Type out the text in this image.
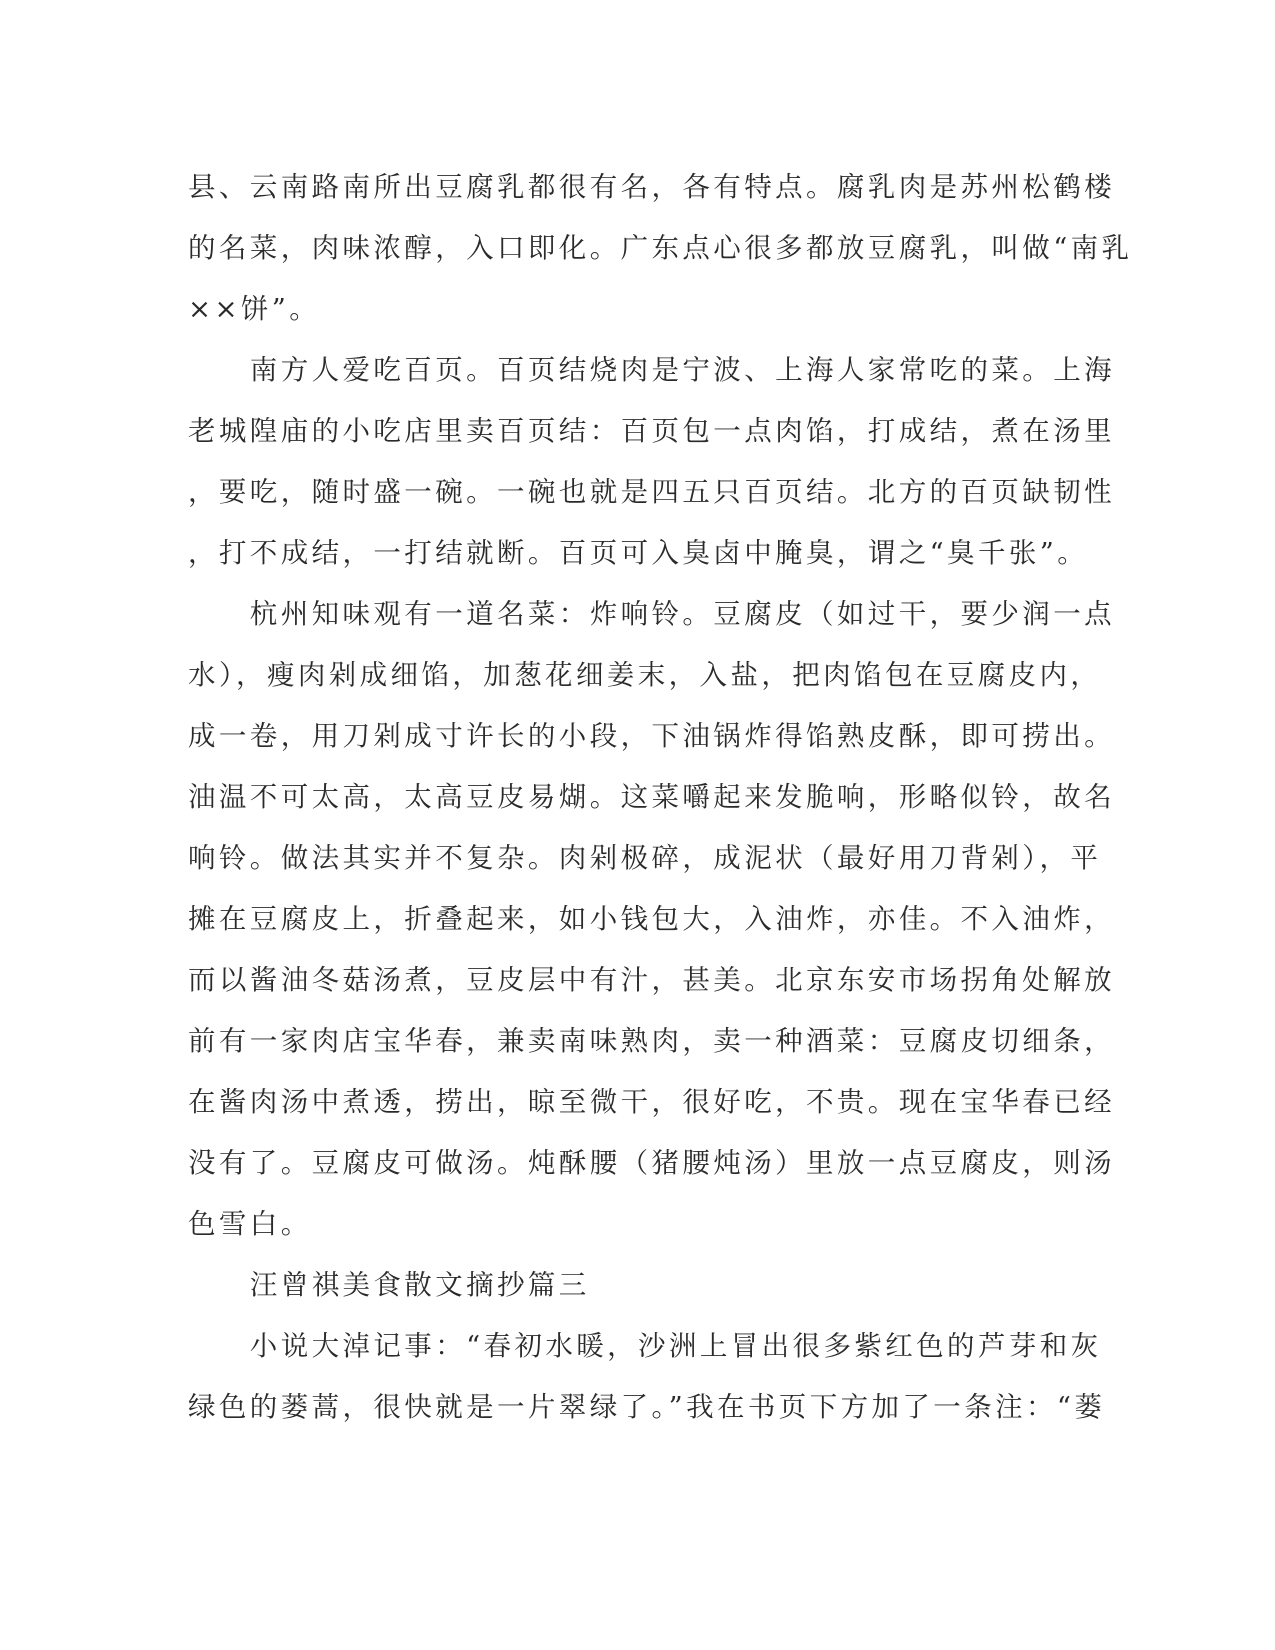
县、云南路南所出豆腐乳都很有名，各有特点。腐乳肉是苏州松鹤楼
的名菜，肉味浓醇，入口即化。广东点心很多都放豆腐乳，叫做“南乳
××饼”。
　　南方人爱吃百页。百页结烧肉是宁波、上海人家常吃的菜。上海
老城隍庙的小吃店里卖百页结：百页包一点肉馅，打成结，煮在汤里
，要吃，随时盛一碗。一碗也就是四五只百页结。北方的百页缺韧性
，打不成结，一打结就断。百页可入臭卤中腌臭，谓之“臭千张”。
　　杭州知味观有一道名菜：炸响铃。豆腐皮（如过干，要少润一点
水），瘦肉剁成细馅，加葱花细姜末，入盐，把肉馅包在豆腐皮内，
成一卷，用刀剁成寸许长的小段，下油锅炸得馅熟皮酥，即可捞出。
油温不可太高，太高豆皮易煳。这菜嚼起来发脆响，形略似铃，故名
响铃。做法其实并不复杂。肉剁极碎，成泥状（最好用刀背剁），平
摊在豆腐皮上，折叠起来，如小钱包大，入油炸，亦佳。不入油炸，
而以酱油冬菇汤煮，豆皮层中有汁，甚美。北京东安市场拐角处解放
前有一家肉店宝华春，兼卖南味熟肉，卖一种酒菜：豆腐皮切细条，
在酱肉汤中煮透，捞出，晾至微干，很好吃，不贵。现在宝华春已经
没有了。豆腐皮可做汤。炖酥腰（猪腰炖汤）里放一点豆腐皮，则汤
色雪白。
　　汪曾祺美食散文摘抄篇三
　　小说大淖记事：“春初水暖，沙洲上冒出很多紫红色的芦芽和灰
绿色的蒌蒿，很快就是一片翠绿了。”我在书页下方加了一条注：“蒌
